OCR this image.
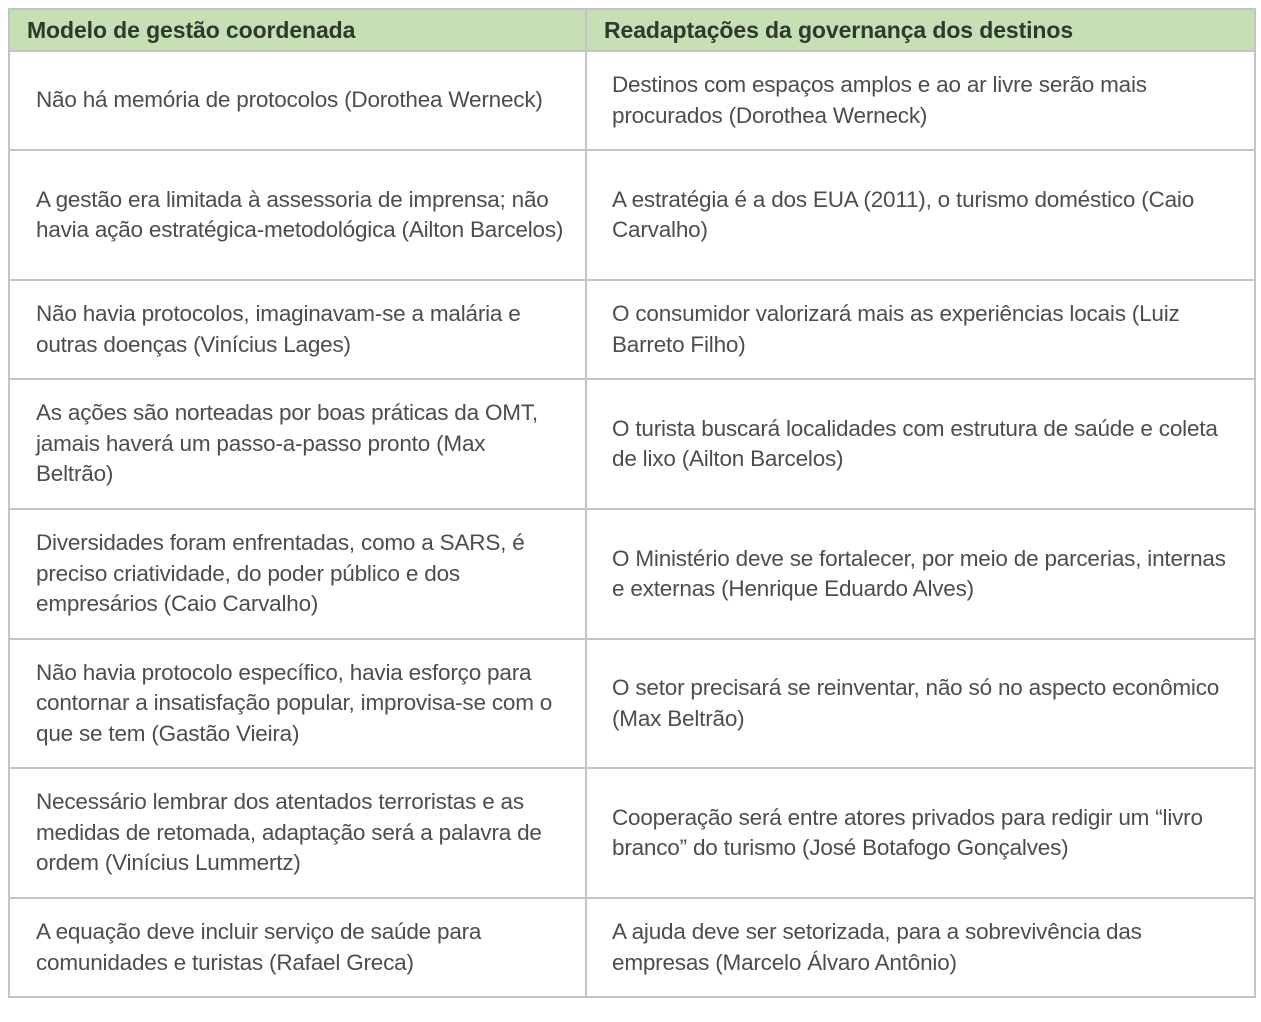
Modelo de gestão coordenada	Readaptações da governança dos destinos

Não há memória de protocolos (Dorothea Werneck)	Destinos com espaços amplos e ao ar livre serão mais procurados (Dorothea Werneck)

A gestão era limitada à assessoria de imprensa; não havia ação estratégica-metodológica (Ailton Barcelos)	A estratégia é a dos EUA (2011), o turismo doméstico (Caio Carvalho)

Não havia protocolos, imaginavam-se a malária e outras doenças (Vinícius Lages)	O consumidor valorizará mais as experiências locais (Luiz Barreto Filho)

As ações são norteadas por boas práticas da OMT, jamais haverá um passo-a-passo pronto (Max Beltrão)	O turista buscará localidades com estrutura de saúde e coleta de lixo (Ailton Barcelos)

Diversidades foram enfrentadas, como a SARS, é preciso criatividade, do poder público e dos empresários (Caio Carvalho)	O Ministério deve se fortalecer, por meio de parcerias, internas e externas (Henrique Eduardo Alves)

Não havia protocolo específico, havia esforço para contornar a insatisfação popular, improvisa-se com o que se tem (Gastão Vieira)	O setor precisará se reinventar, não só no aspecto econômico (Max Beltrão)

Necessário lembrar dos atentados terroristas e as medidas de retomada, adaptação será a palavra de ordem (Vinícius Lummertz)	Cooperação será entre atores privados para redigir um “livro branco” do turismo (José Botafogo Gonçalves)

A equação deve incluir serviço de saúde para comunidades e turistas (Rafael Greca)	A ajuda deve ser setorizada, para a sobrevivência das empresas (Marcelo Álvaro Antônio)
